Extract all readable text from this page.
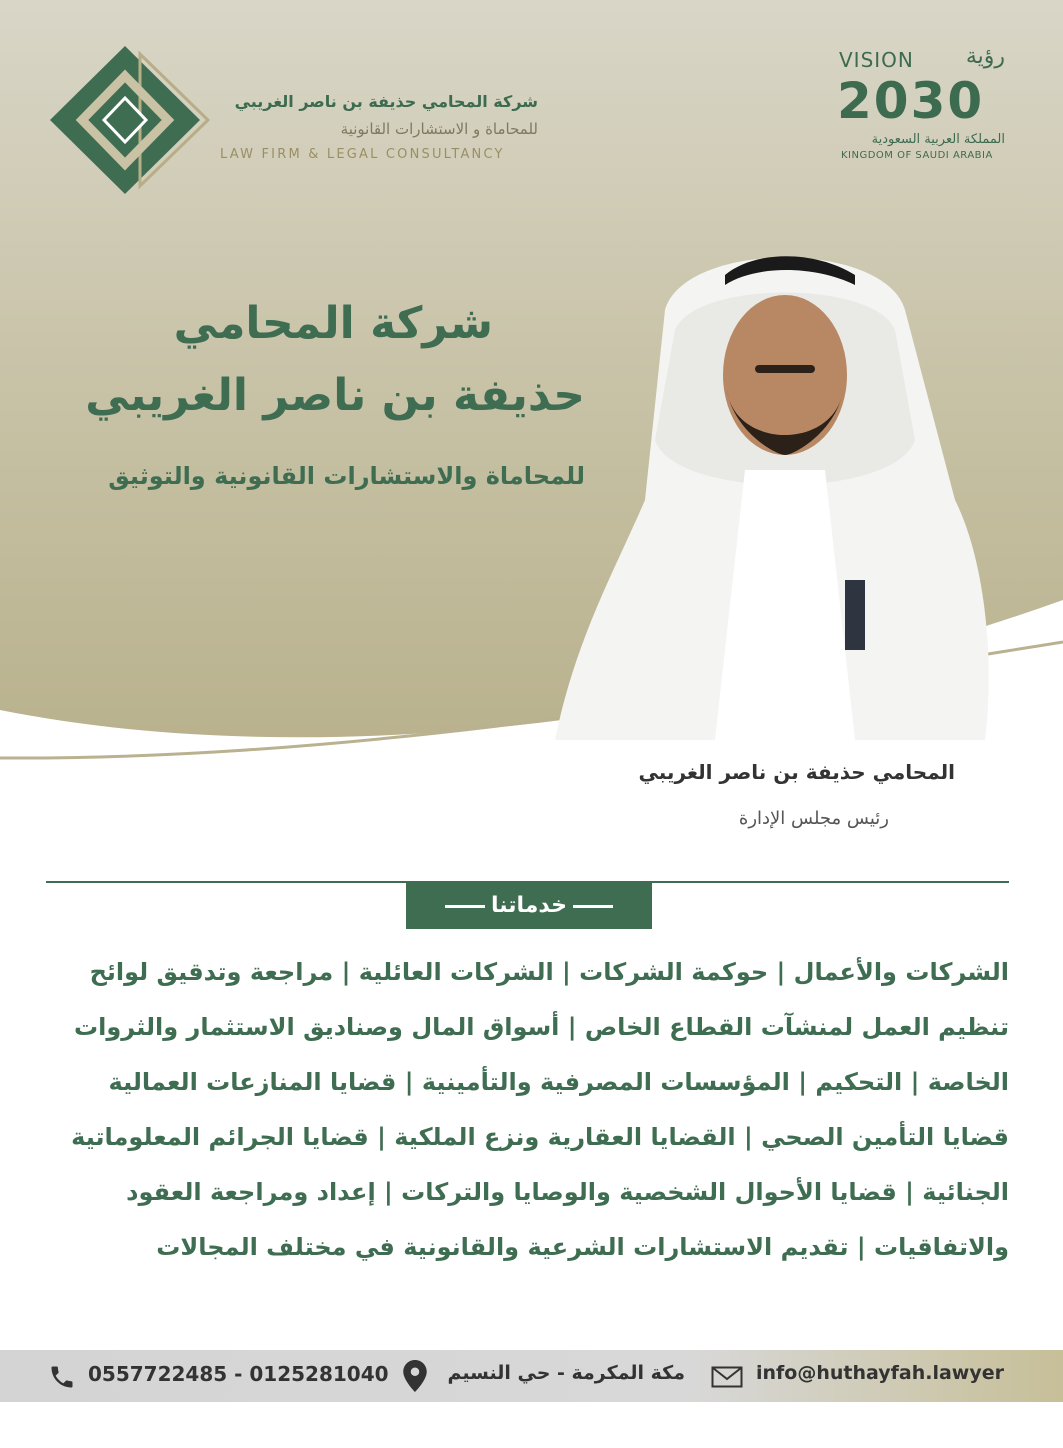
شركة المحامي حذيفة بن ناصر الغريبي
للمحاماة و الاستشارات القانونية
LAW FIRM & LEGAL CONSULTANCY
VISION رؤية
2030
المملكة العربية السعودية
KINGDOM OF SAUDI ARABIA
شركة المحامي
حذيفة بن ناصر الغريبي
للمحاماة والاستشارات القانونية والتوثيق
المحامي حذيفة بن ناصر الغريبي
رئيس مجلس الإدارة
خدماتنا
الشركات والأعمال | حوكمة الشركات | الشركات العائلية | مراجعة وتدقيق لوائح
تنظيم العمل لمنشآت القطاع الخاص | أسواق المال وصناديق الاستثمار والثروات
الخاصة | التحكيم | المؤسسات المصرفية والتأمينية | قضايا المنازعات العمالية
قضايا التأمين الصحي | القضايا العقارية ونزع الملكية | قضايا الجرائم المعلوماتية
الجنائية | قضايا الأحوال الشخصية والوصايا والتركات | إعداد ومراجعة العقود
والاتفاقيات | تقديم الاستشارات الشرعية والقانونية في مختلف المجالات
0557722485 - 0125281040	مكة المكرمة - حي النسيم	info@huthayfah.lawyer
